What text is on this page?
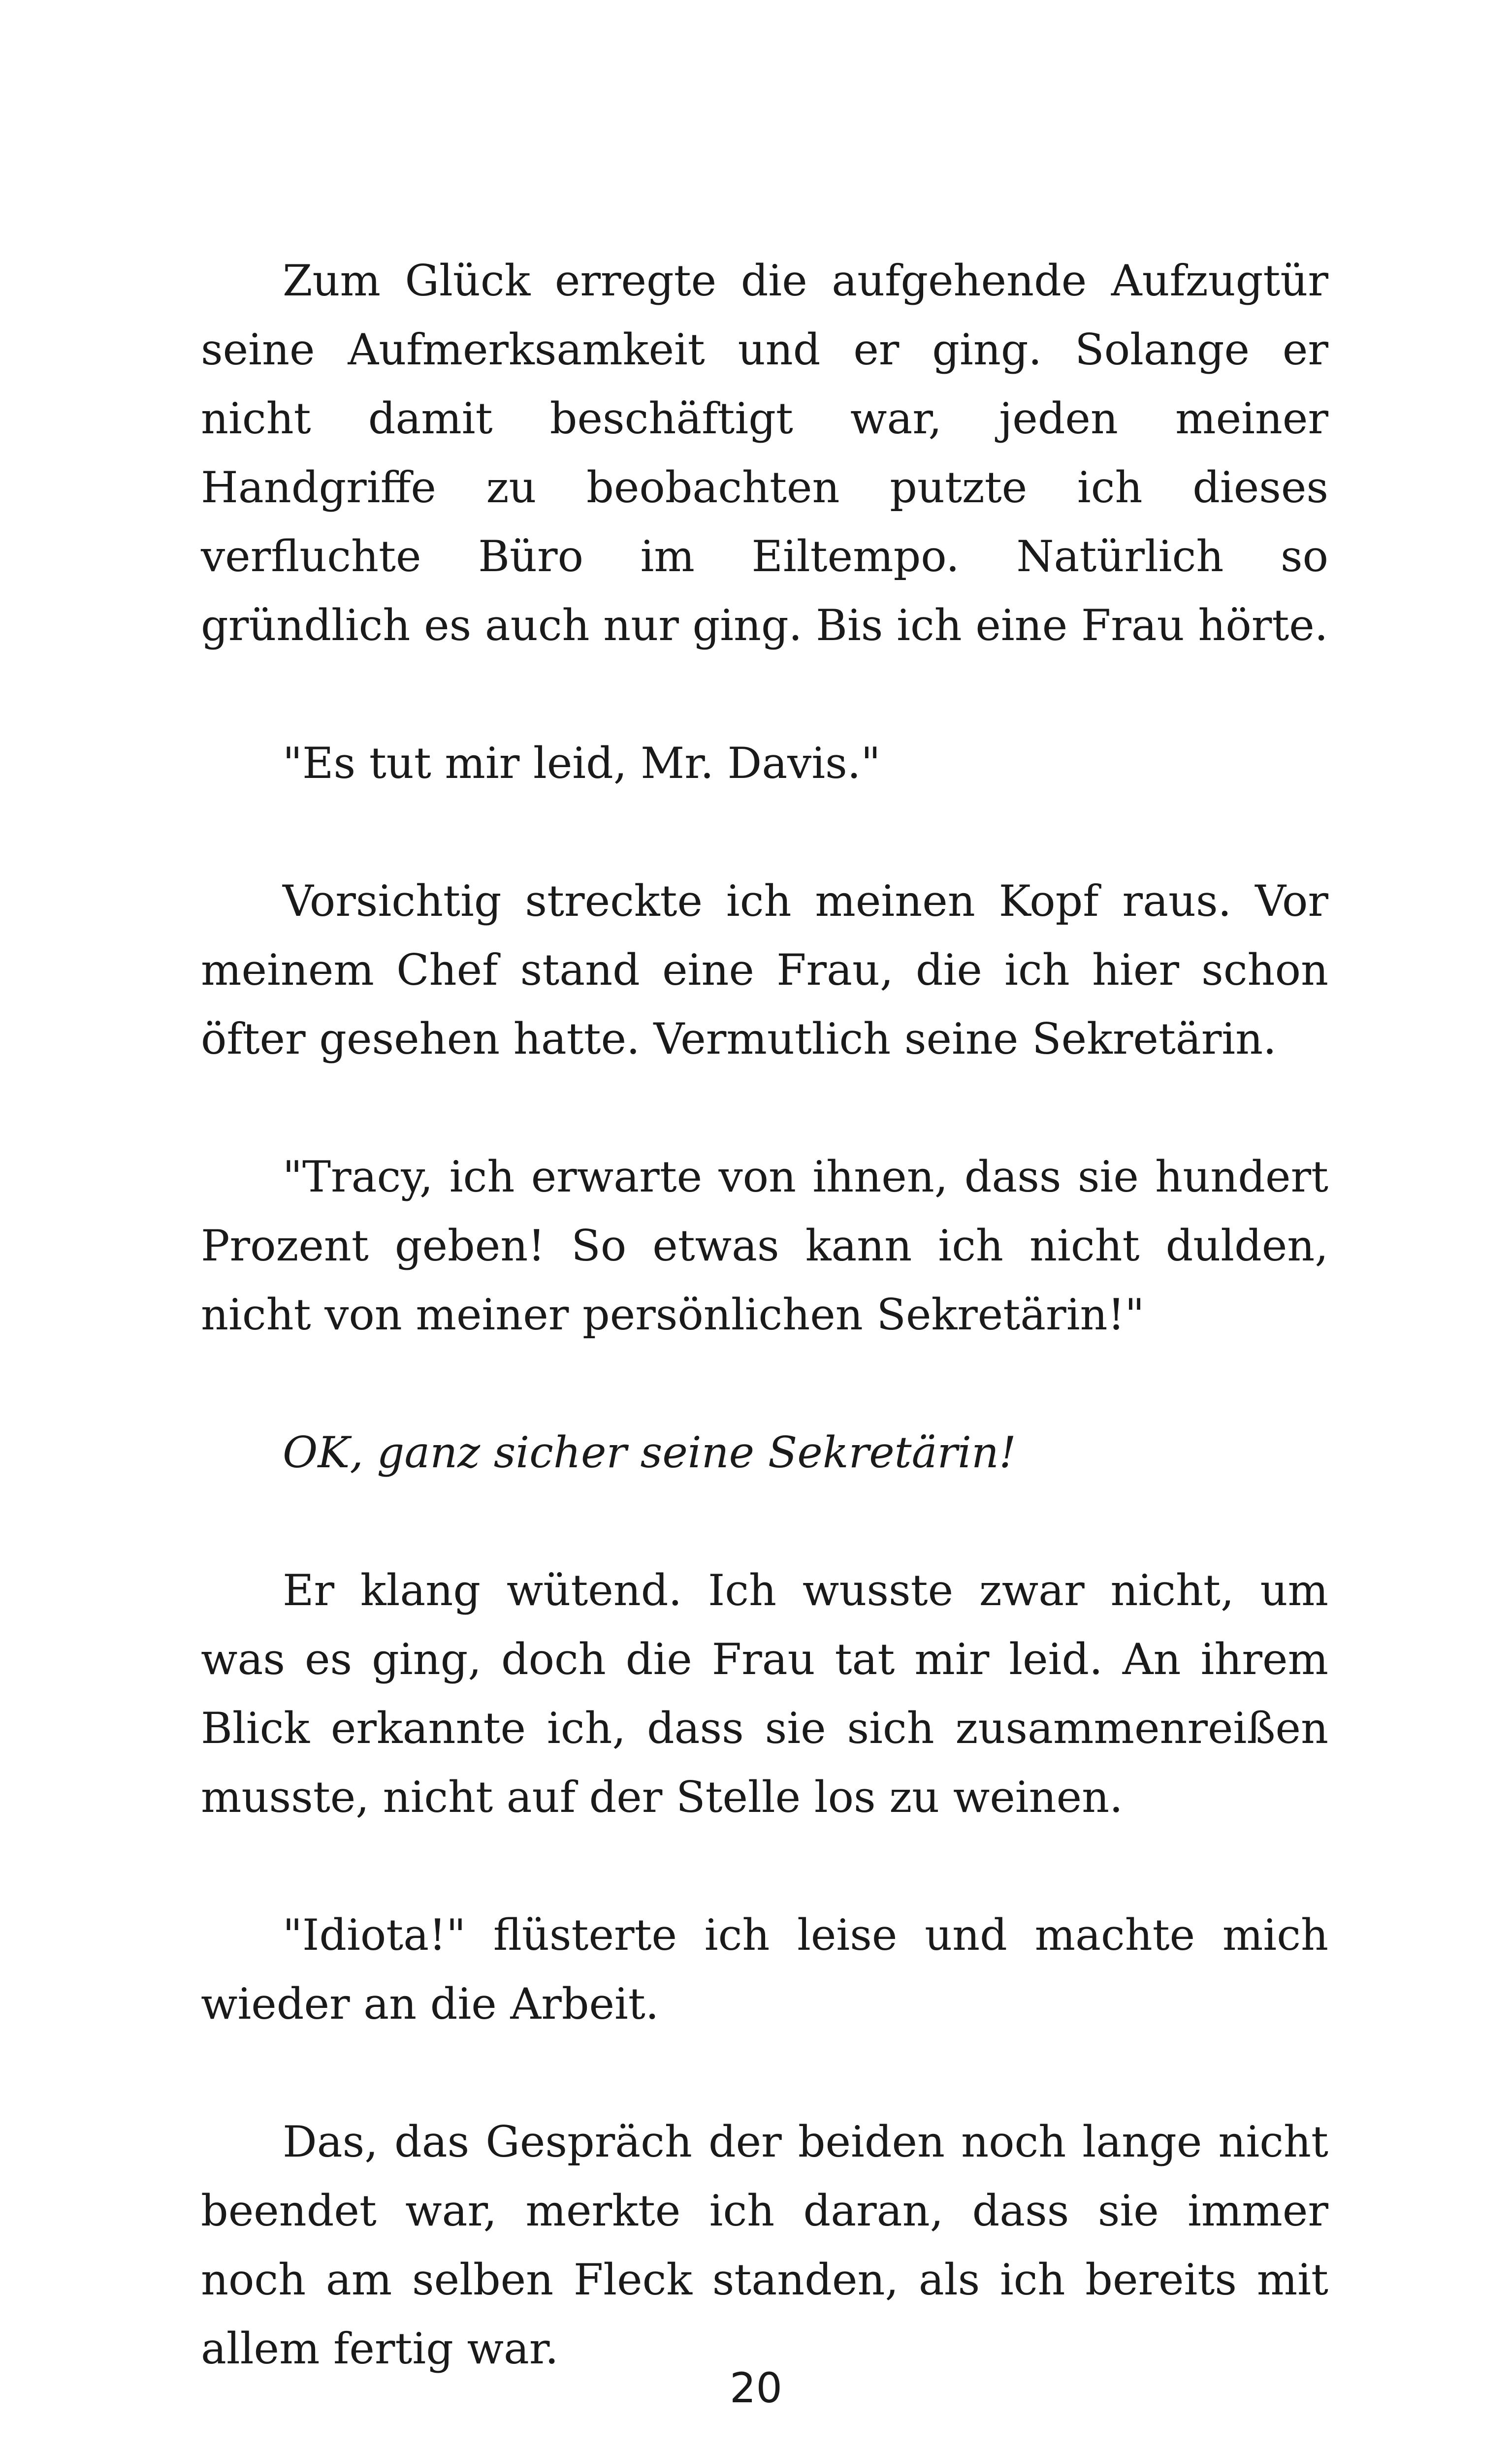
Zum Glück erregte die aufgehende Aufzugtür seine Aufmerksamkeit und er ging. Solange er nicht damit beschäftigt war, jeden meiner Handgriffe zu beobachten putzte ich dieses verfluchte Büro im Eiltempo. Natürlich so gründlich es auch nur ging. Bis ich eine Frau hörte.

"Es tut mir leid, Mr. Davis."

Vorsichtig streckte ich meinen Kopf raus. Vor meinem Chef stand eine Frau, die ich hier schon öfter gesehen hatte. Vermutlich seine Sekretärin.

"Tracy, ich erwarte von ihnen, dass sie hundert Prozent geben! So etwas kann ich nicht dulden, nicht von meiner persönlichen Sekretärin!"

OK, ganz sicher seine Sekretärin!

Er klang wütend. Ich wusste zwar nicht, um was es ging, doch die Frau tat mir leid. An ihrem Blick erkannte ich, dass sie sich zusammenreißen musste, nicht auf der Stelle los zu weinen.

"Idiota!" flüsterte ich leise und machte mich wieder an die Arbeit.

Das, das Gespräch der beiden noch lange nicht beendet war, merkte ich daran, dass sie immer noch am selben Fleck standen, als ich bereits mit allem fertig war.

20
